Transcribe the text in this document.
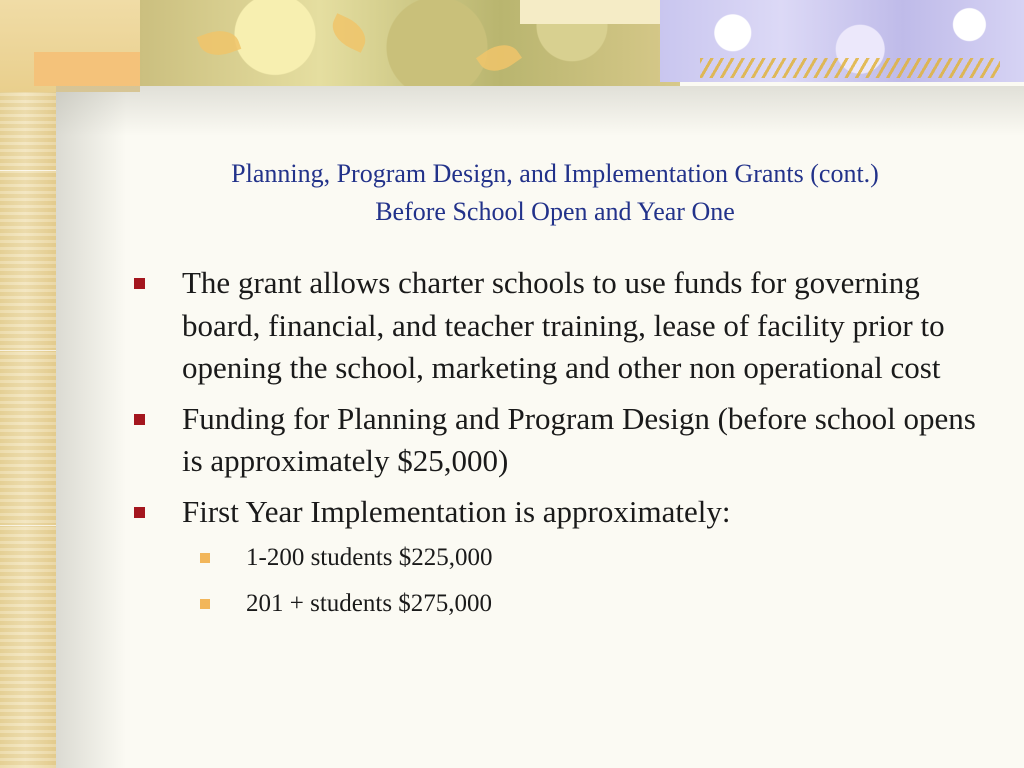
Planning, Program Design, and Implementation Grants (cont.)
Before School Open and Year One
The grant allows charter schools to use funds for governing board, financial, and teacher training, lease of facility prior to opening the school, marketing and other non operational cost
Funding for Planning and Program Design (before school opens is approximately $25,000)
First Year Implementation is approximately:
1-200 students $225,000
201 + students $275,000
